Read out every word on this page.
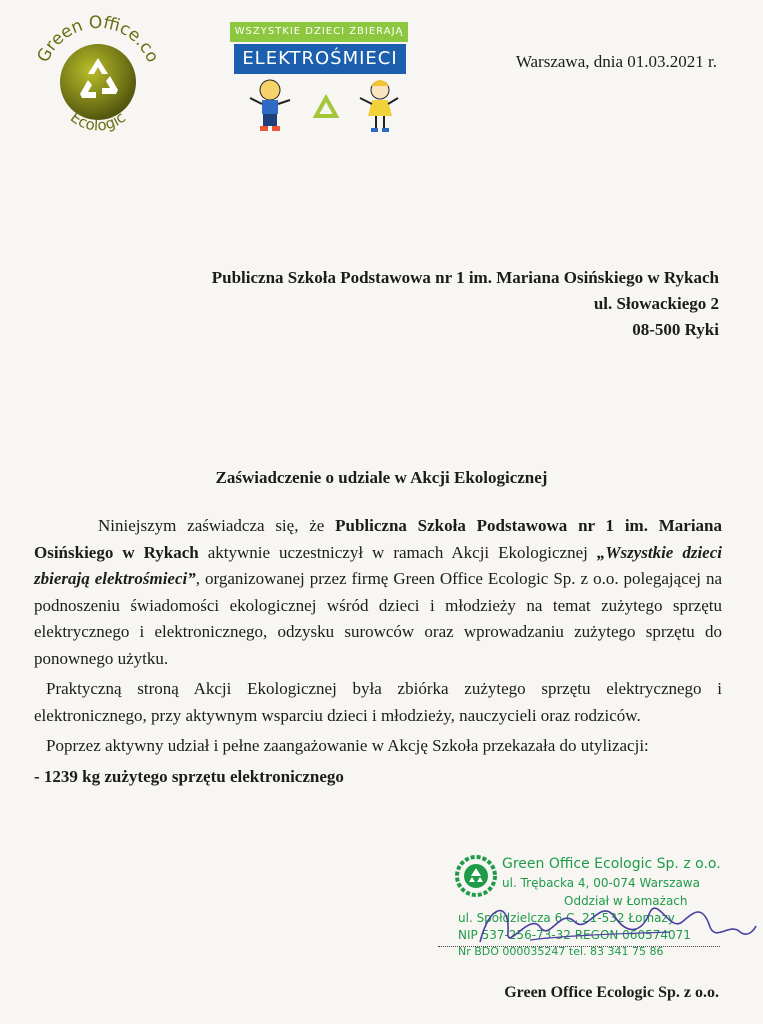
Green Office.co
Ecologic
WSZYSTKIE DZIECI ZBIERAJĄ
ELEKTROŚMIECI	Warszawa, dnia 01.03.2021 r.
Publiczna Szkoła Podstawowa nr 1 im. Mariana Osińskiego w Rykach
ul. Słowackiego 2
08-500 Ryki
Zaświadczenie o udziale w Akcji Ekologicznej

Niniejszym zaświadcza się, że Publiczna Szkoła Podstawowa nr 1 im. Mariana Osińskiego w Rykach aktywnie uczestniczył w ramach Akcji Ekologicznej „Wszystkie dzieci zbierają elektrośmieci”, organizowanej przez firmę Green Office Ecologic Sp. z o.o. polegającej na podnoszeniu świadomości ekologicznej wśród dzieci i młodzieży na temat zużytego sprzętu elektrycznego i elektronicznego, odzysku surowców oraz wprowadzaniu zużytego sprzętu do ponownego użytku.

Praktyczną stroną Akcji Ekologicznej była zbiórka zużytego sprzętu elektrycznego i elektronicznego, przy aktywnym wsparciu dzieci i młodzieży, nauczycieli oraz rodziców.

Poprzez aktywny udział i pełne zaangażowanie w Akcję Szkoła przekazała do utylizacji:

- 1239 kg zużytego sprzętu elektronicznego

Green Office Ecologic Sp. z o.o.
ul. Trębacka 4, 00-074 Warszawa
Oddział w Łomażach
ul. Spółdzielcza 6 C, 21-532 Łomazy
NIP 537-256-73-32 REGON 060574071
Nr BDO 000035247 tel. 83 341 75 86
Green Office Ecologic Sp. z o.o.
